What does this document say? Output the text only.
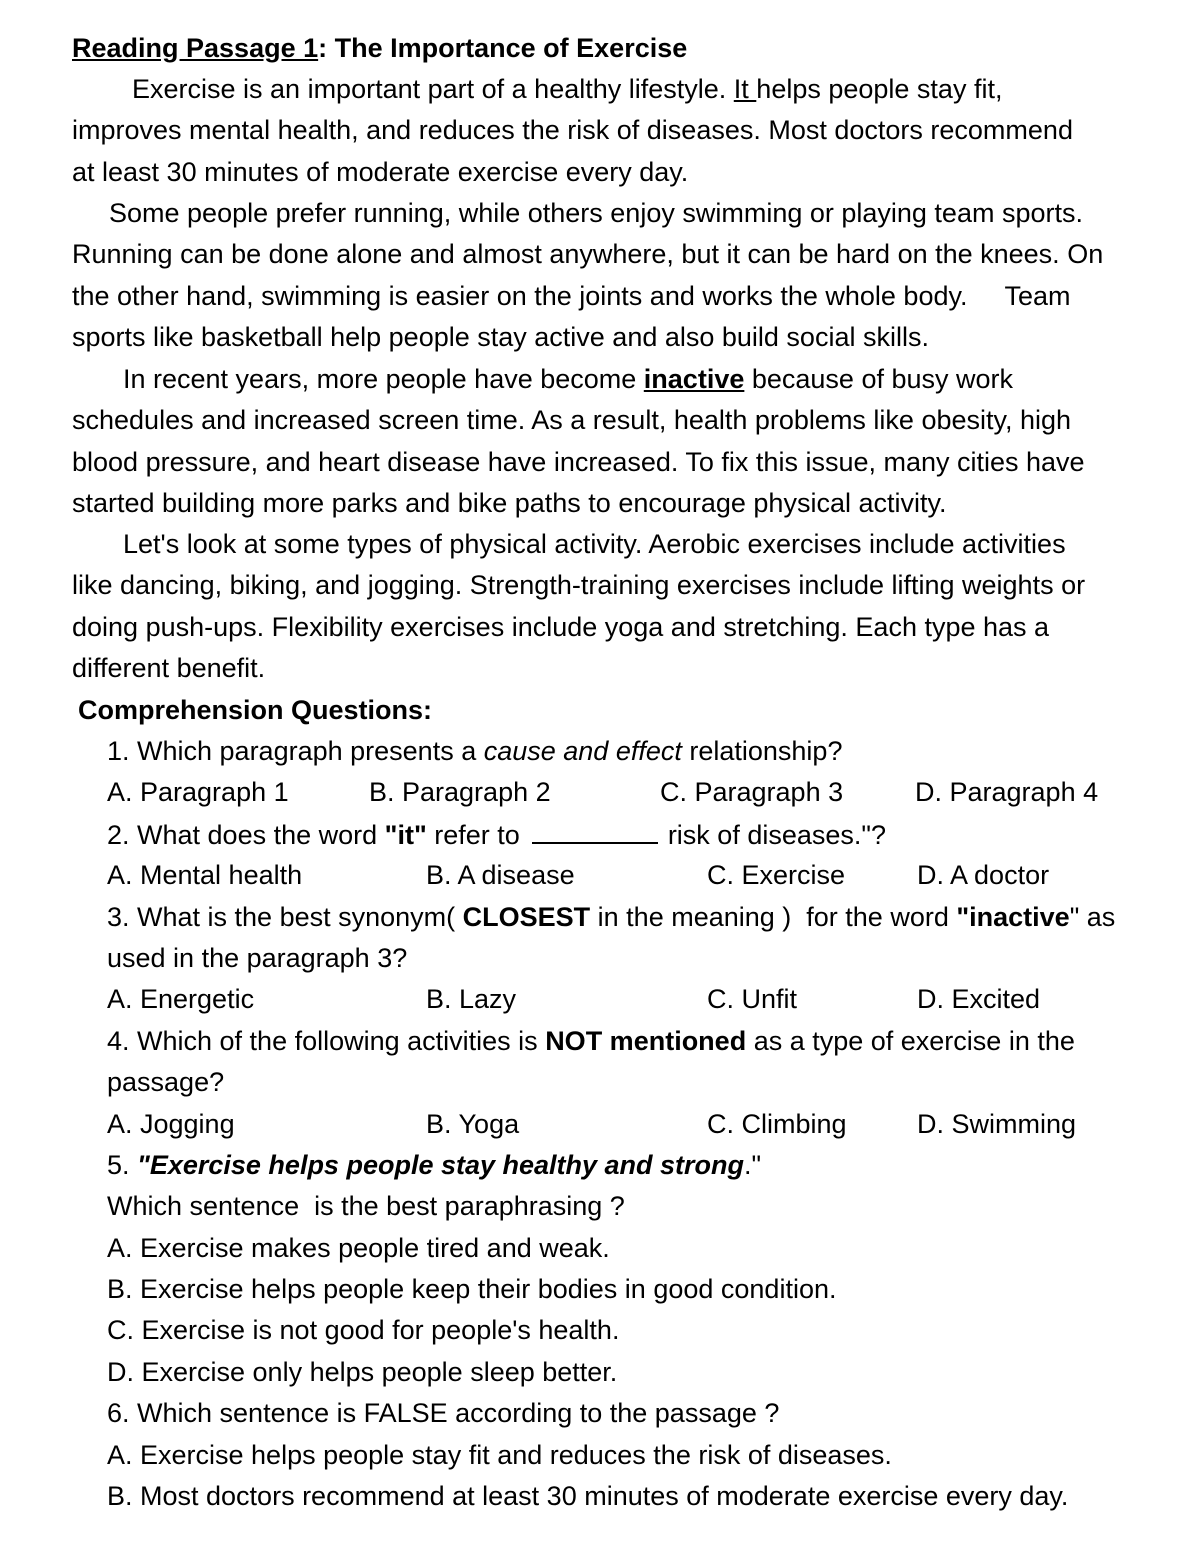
Reading Passage 1: The Importance of Exercise
Exercise is an important part of a healthy lifestyle. It helps people stay fit,
improves mental health, and reduces the risk of diseases. Most doctors recommend
at least 30 minutes of moderate exercise every day.
Some people prefer running, while others enjoy swimming or playing team sports.
Running can be done alone and almost anywhere, but it can be hard on the knees. On
the other hand, swimming is easier on the joints and works the whole body.     Team
sports like basketball help people stay active and also build social skills.
In recent years, more people have become inactive because of busy work
schedules and increased screen time. As a result, health problems like obesity, high
blood pressure, and heart disease have increased. To fix this issue, many cities have
started building more parks and bike paths to encourage physical activity.
Let's look at some types of physical activity. Aerobic exercises include activities
like dancing, biking, and jogging. Strength-training exercises include lifting weights or
doing push-ups. Flexibility exercises include yoga and stretching. Each type has a
different benefit.
Comprehension Questions:
1. Which paragraph presents a cause and effect relationship?
A. Paragraph 1	B. Paragraph 2	C. Paragraph 3	D. Paragraph 4
2. What does the word "it" refer to	risk of diseases."?
A. Mental health	B. A disease	C. Exercise	D. A doctor
3. What is the best synonym( CLOSEST in the meaning )  for the word "inactive" as
used in the paragraph 3?
A. Energetic	B. Lazy	C. Unfit	D. Excited
4. Which of the following activities is NOT mentioned as a type of exercise in the
passage?
A. Jogging	B. Yoga	C. Climbing	D. Swimming
5. "Exercise helps people stay healthy and strong."
Which sentence  is the best paraphrasing ?
A. Exercise makes people tired and weak.
B. Exercise helps people keep their bodies in good condition.
C. Exercise is not good for people's health.
D. Exercise only helps people sleep better.
6. Which sentence is FALSE according to the passage ?
A. Exercise helps people stay fit and reduces the risk of diseases.
B. Most doctors recommend at least 30 minutes of moderate exercise every day.
